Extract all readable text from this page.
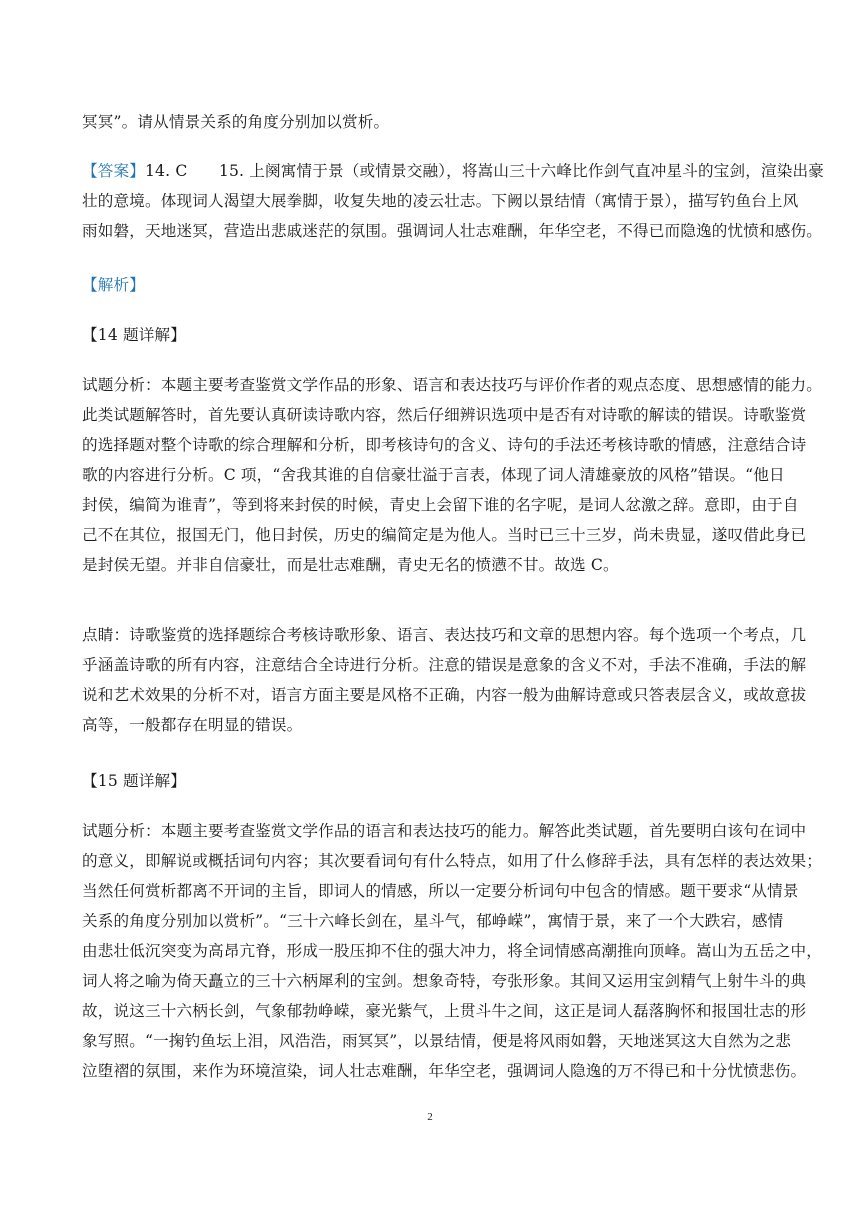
冥冥”。请从情景关系的角度分别加以赏析。
【答案】14. C　　15. 上阕寓情于景（或情景交融），将嵩山三十六峰比作剑气直冲星斗的宝剑，渲染出豪
壮的意境。体现词人渴望大展拳脚，收复失地的凌云壮志。下阙以景结情（寓情于景），描写钓鱼台上风
雨如磐，天地迷冥，营造出悲戚迷茫的氛围。强调词人壮志难酬，年华空老，不得已而隐逸的忧愤和感伤。
【解析】
【14 题详解】
试题分析：本题主要考查鉴赏文学作品的形象、语言和表达技巧与评价作者的观点态度、思想感情的能力。
此类试题解答时，首先要认真研读诗歌内容，然后仔细辨识选项中是否有对诗歌的解读的错误。诗歌鉴赏
的选择题对整个诗歌的综合理解和分析，即考核诗句的含义、诗句的手法还考核诗歌的情感，注意结合诗
歌的内容进行分析。C 项，“舍我其谁的自信豪壮溢于言表，体现了词人清雄豪放的风格”错误。“他日
封侯，编简为谁青”，等到将来封侯的时候，青史上会留下谁的名字呢，是词人忿激之辞。意即，由于自
己不在其位，报国无门，他日封侯，历史的编简定是为他人。当时已三十三岁，尚未贵显，遂叹借此身已
是封侯无望。并非自信豪壮，而是壮志难酬，青史无名的愤懑不甘。故选 C。
点睛：诗歌鉴赏的选择题综合考核诗歌形象、语言、表达技巧和文章的思想内容。每个选项一个考点，几
乎涵盖诗歌的所有内容，注意结合全诗进行分析。注意的错误是意象的含义不对，手法不准确，手法的解
说和艺术效果的分析不对，语言方面主要是风格不正确，内容一般为曲解诗意或只答表层含义，或故意拔
高等，一般都存在明显的错误。
【15 题详解】
试题分析：本题主要考查鉴赏文学作品的语言和表达技巧的能力。解答此类试题，首先要明白该句在词中
的意义，即解说或概括词句内容；其次要看词句有什么特点，如用了什么修辞手法，具有怎样的表达效果；
当然任何赏析都离不开词的主旨，即词人的情感，所以一定要分析词句中包含的情感。题干要求“从情景
关系的角度分别加以赏析”。“三十六峰长剑在，星斗气，郁峥嵘”，寓情于景，来了一个大跌宕，感情
由悲壮低沉突变为高昂亢脊，形成一股压抑不住的强大冲力，将全词情感高潮推向顶峰。嵩山为五岳之中，
词人将之喻为倚天矗立的三十六柄犀利的宝剑。想象奇特，夸张形象。其间又运用宝剑精气上射牛斗的典
故，说这三十六柄长剑，气象郁勃峥嵘，豪光紫气，上贯斗牛之间，这正是词人磊落胸怀和报国壮志的形
象写照。“一掬钓鱼坛上泪，风浩浩，雨冥冥”，以景结情，便是将风雨如磐，天地迷冥这大自然为之悲
泣堕褶的氛围，来作为环境渲染，词人壮志难酬，年华空老，强调词人隐逸的万不得已和十分忧愤悲伤。
2
